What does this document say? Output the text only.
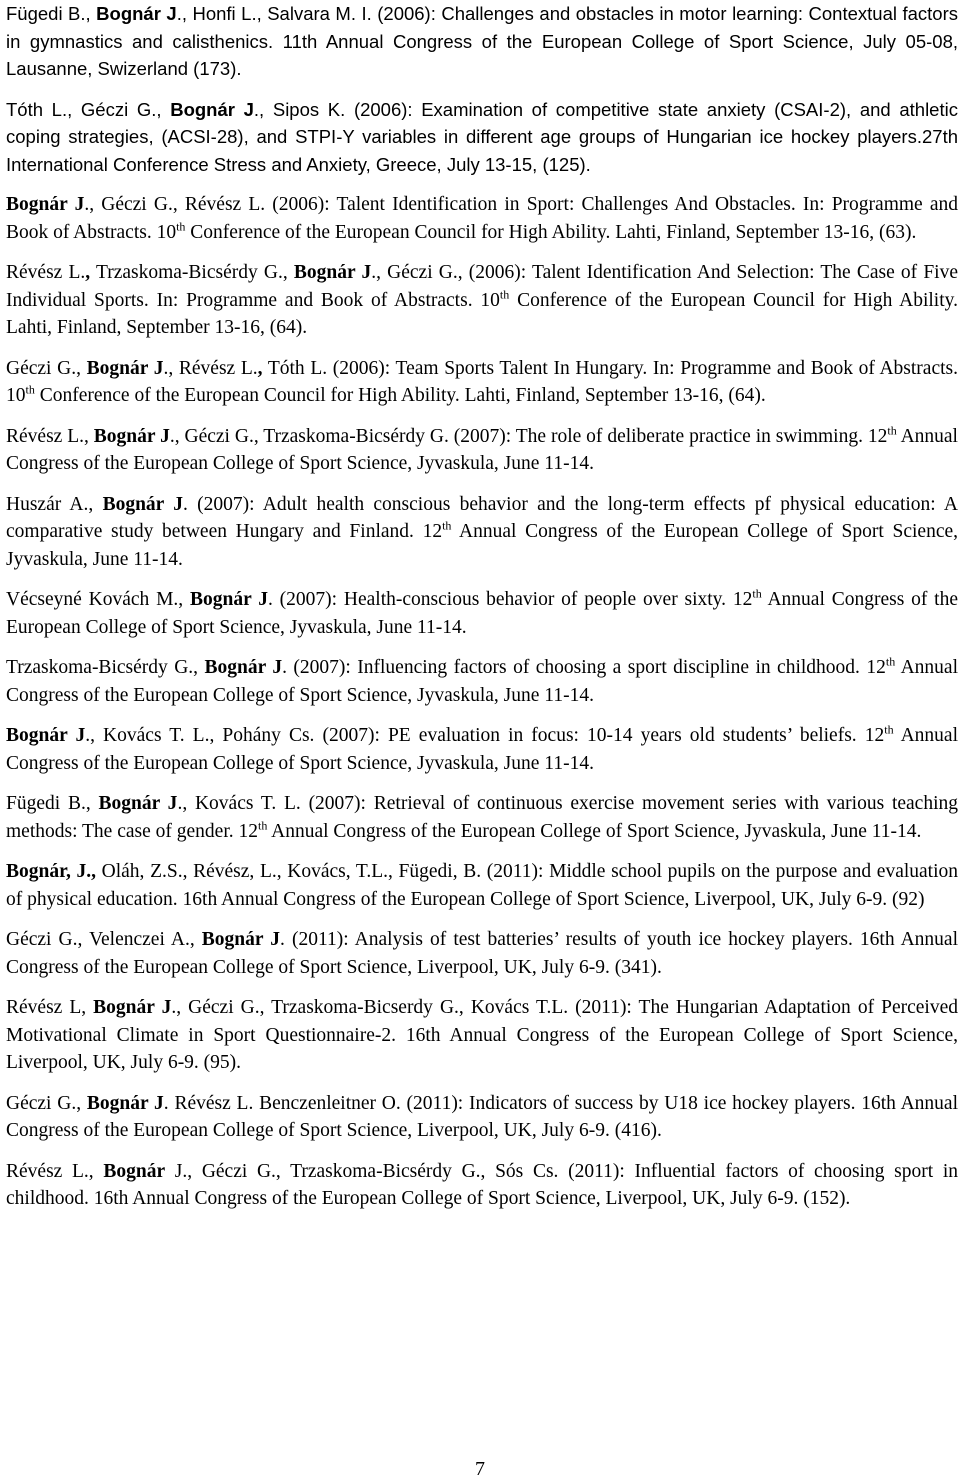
Fügedi B., Bognár J., Honfi L., Salvara M. I. (2006): Challenges and obstacles in motor learning: Contextual factors in gymnastics and calisthenics. 11th Annual Congress of the European College of Sport Science, July 05-08, Lausanne, Swizerland (173).

Tóth L., Géczi G., Bognár J., Sipos K. (2006): Examination of competitive state anxiety (CSAI-2), and athletic coping strategies, (ACSI-28), and STPI-Y variables in different age groups of Hungarian ice hockey players.27th International Conference Stress and Anxiety, Greece, July 13-15, (125).

Bognár J., Géczi G., Révész L. (2006): Talent Identification in Sport: Challenges And Obstacles. In: Programme and Book of Abstracts. 10th Conference of the European Council for High Ability. Lahti, Finland, September 13-16, (63).

Révész L., Trzaskoma-Bicsérdy G., Bognár J., Géczi G., (2006): Talent Identification And Selection: The Case of Five Individual Sports. In: Programme and Book of Abstracts. 10th Conference of the European Council for High Ability. Lahti, Finland, September 13-16, (64).

Géczi G., Bognár J., Révész L., Tóth L. (2006): Team Sports Talent In Hungary. In: Programme and Book of Abstracts. 10th Conference of the European Council for High Ability. Lahti, Finland, September 13-16, (64).

Révész L., Bognár J., Géczi G., Trzaskoma-Bicsérdy G. (2007): The role of deliberate practice in swimming. 12th Annual Congress of the European College of Sport Science, Jyvaskula, June 11-14.

Huszár A., Bognár J. (2007): Adult health conscious behavior and the long-term effects pf physical education: A comparative study between Hungary and Finland. 12th Annual Congress of the European College of Sport Science, Jyvaskula, June 11-14.

Vécseyné Kovách M., Bognár J. (2007): Health-conscious behavior of people over sixty. 12th Annual Congress of the European College of Sport Science, Jyvaskula, June 11-14.

Trzaskoma-Bicsérdy G., Bognár J. (2007): Influencing factors of choosing a sport discipline in childhood. 12th Annual Congress of the European College of Sport Science, Jyvaskula, June 11-14.

Bognár J., Kovács T. L., Pohány Cs. (2007): PE evaluation in focus: 10-14 years old students’ beliefs. 12th Annual Congress of the European College of Sport Science, Jyvaskula, June 11-14.

Fügedi B., Bognár J., Kovács T. L. (2007): Retrieval of continuous exercise movement series with various teaching methods: The case of gender. 12th Annual Congress of the European College of Sport Science, Jyvaskula, June 11-14.

Bognár, J., Oláh, Z.S., Révész, L., Kovács, T.L., Fügedi, B. (2011): Middle school pupils on the purpose and evaluation of physical education. 16th Annual Congress of the European College of Sport Science, Liverpool, UK, July 6-9. (92)

Géczi G., Velenczei A., Bognár J. (2011): Analysis of test batteries’ results of youth ice hockey players. 16th Annual Congress of the European College of Sport Science, Liverpool, UK, July 6-9. (341).

Révész L, Bognár J., Géczi G., Trzaskoma-Bicserdy G., Kovács T.L. (2011): The Hungarian Adaptation of Perceived Motivational Climate in Sport Questionnaire-2. 16th Annual Congress of the European College of Sport Science, Liverpool, UK, July 6-9. (95).

Géczi G., Bognár J. Révész L. Benczenleitner O. (2011): Indicators of success by U18 ice hockey players. 16th Annual Congress of the European College of Sport Science, Liverpool, UK, July 6-9. (416).

Révész L., Bognár J., Géczi G., Trzaskoma-Bicsérdy G., Sós Cs. (2011): Influential factors of choosing sport in childhood. 16th Annual Congress of the European College of Sport Science, Liverpool, UK, July 6-9. (152).

7
